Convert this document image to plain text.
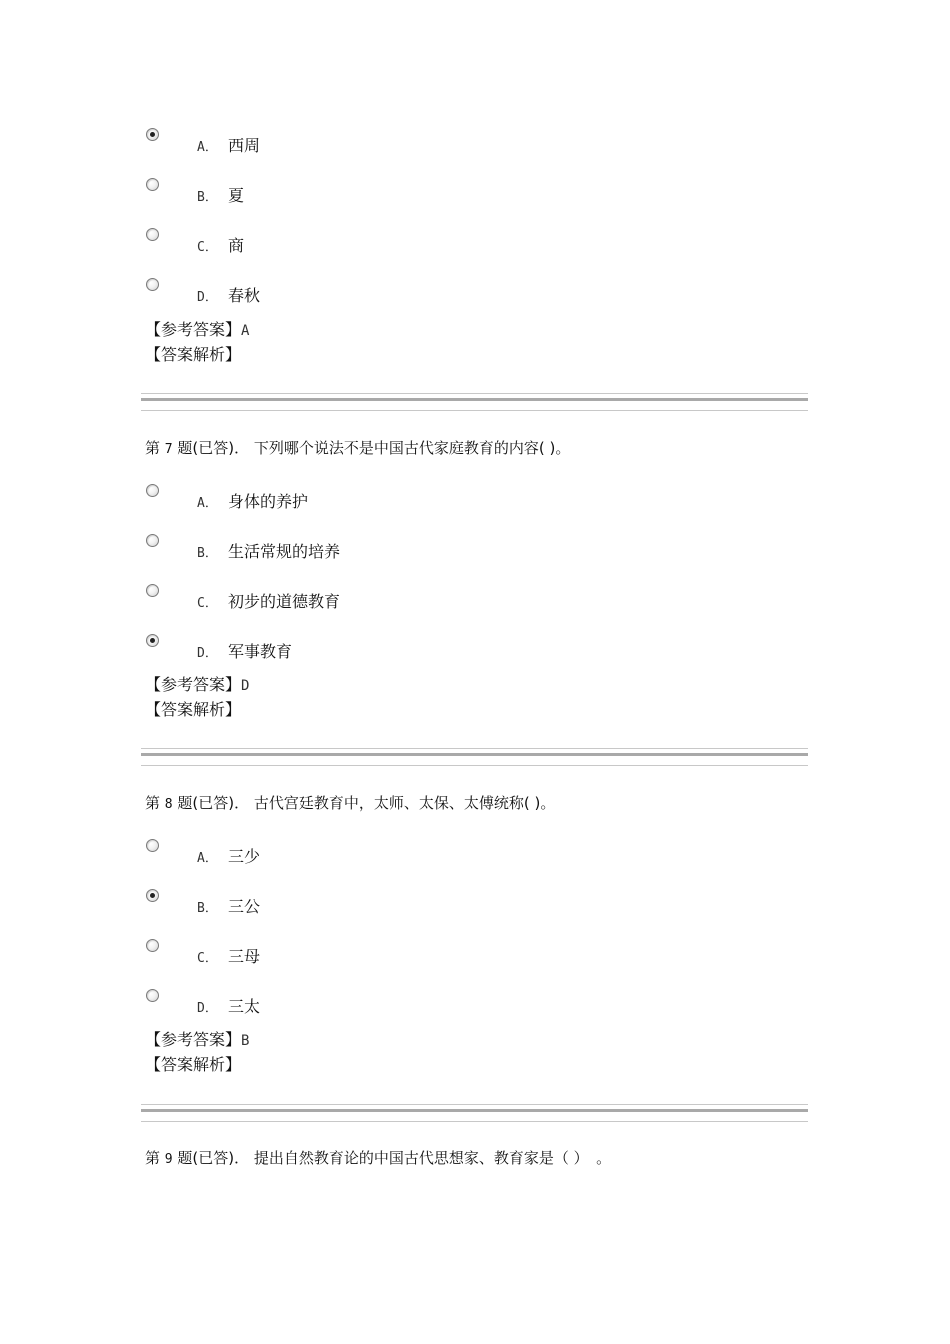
A． 西周
B． 夏
C． 商
D． 春秋
【参考答案】A
【答案解析】
第 7 题(已答)． 下列哪个说法不是中国古代家庭教育的内容( )。
A． 身体的养护
B． 生活常规的培养
C． 初步的道德教育
D． 军事教育
【参考答案】D
【答案解析】
第 8 题(已答)． 古代宫廷教育中，太师、太保、太傅统称( )。
A． 三少
B． 三公
C． 三母
D． 三太
【参考答案】B
【答案解析】
第 9 题(已答)． 提出自然教育论的中国古代思想家、教育家是（ ）　。
